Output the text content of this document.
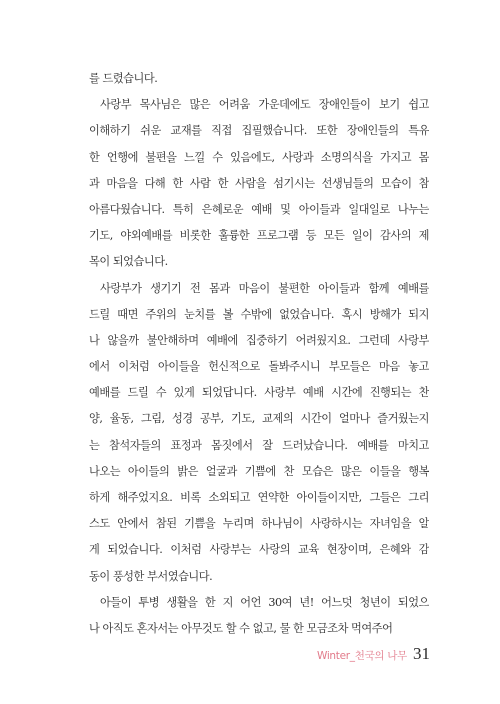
를 드렸습니다.
사랑부 목사님은 많은 어려움 가운데에도 장애인들이 보기 쉽고
이해하기 쉬운 교재를 직접 집필했습니다. 또한 장애인들의 특유
한 언행에 불편을 느낄 수 있음에도, 사랑과 소명의식을 가지고 몸
과 마음을 다해 한 사람 한 사람을 섬기시는 선생님들의 모습이 참
아름다웠습니다. 특히 은혜로운 예배 및 아이들과 일대일로 나누는
기도, 야외예배를 비롯한 훌륭한 프로그램 등 모든 일이 감사의 제
목이 되었습니다.
사랑부가 생기기 전 몸과 마음이 불편한 아이들과 함께 예배를
드릴 때면 주위의 눈치를 볼 수밖에 없었습니다. 혹시 방해가 되지
나 않을까 불안해하며 예배에 집중하기 어려웠지요. 그런데 사랑부
에서 이처럼 아이들을 헌신적으로 돌봐주시니 부모들은 마음 놓고
예배를 드릴 수 있게 되었답니다. 사랑부 예배 시간에 진행되는 찬
양, 율동, 그림, 성경 공부, 기도, 교제의 시간이 얼마나 즐거웠는지
는 참석자들의 표정과 몸짓에서 잘 드러났습니다. 예배를 마치고
나오는 아이들의 밝은 얼굴과 기쁨에 찬 모습은 많은 이들을 행복
하게 해주었지요. 비록 소외되고 연약한 아이들이지만, 그들은 그리
스도 안에서 참된 기쁨을 누리며 하나님이 사랑하시는 자녀임을 알
게 되었습니다. 이처럼 사랑부는 사랑의 교육 현장이며, 은혜와 감
동이 풍성한 부서였습니다.
아들이 투병 생활을 한 지 어언 30여 년! 어느덧 청년이 되었으
나 아직도 혼자서는 아무것도 할 수 없고, 물 한 모금조차 먹여주어
Winter_천국의 나무 31
